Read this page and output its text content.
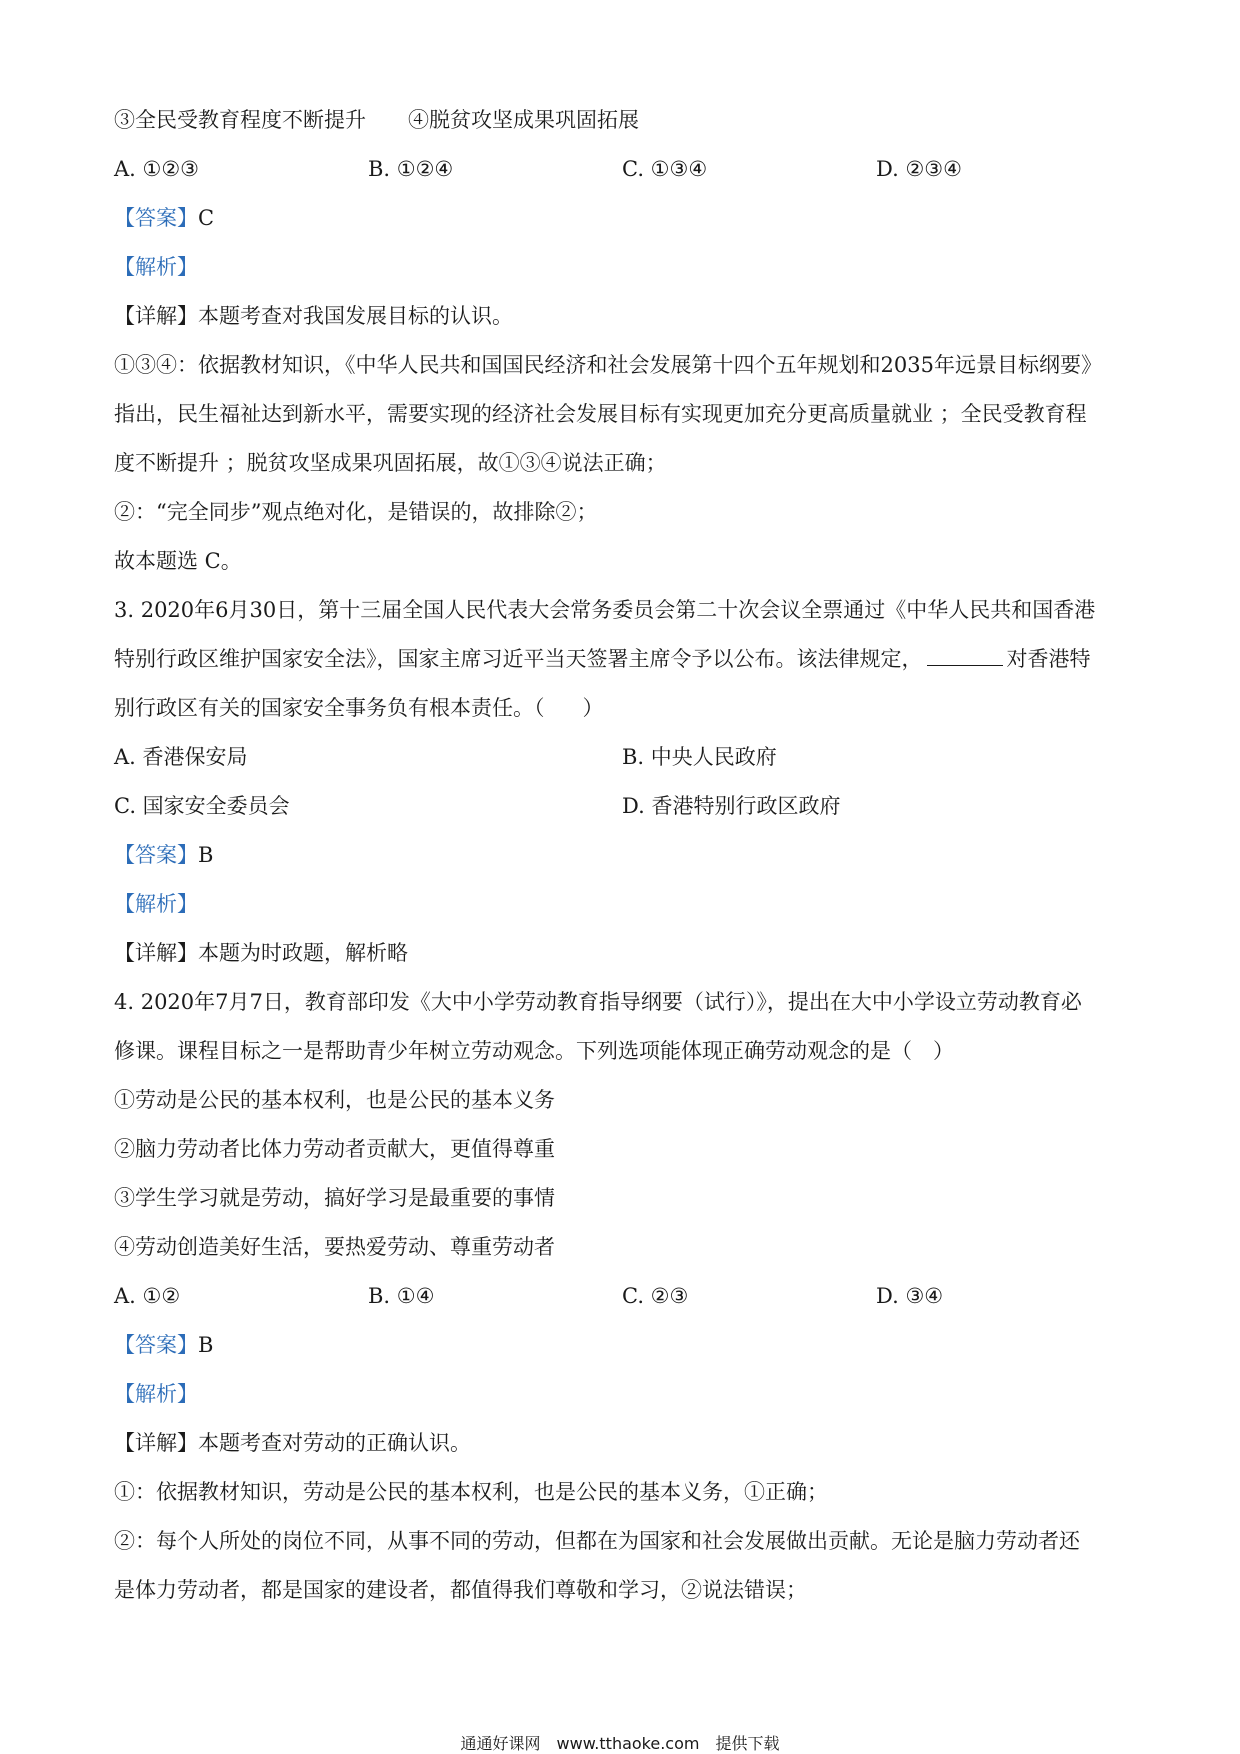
③全民受教育程度不断提升　　④脱贫攻坚成果巩固拓展
A. ①②③	B. ①②④	C. ①③④	D. ②③④
【答案】C
【解析】
【详解】本题考查对我国发展目标的认识。
①③④：依据教材知识，《中华人民共和国国民经济和社会发展第十四个五年规划和2035年远景目标纲要》
指出，民生福祉达到新水平，需要实现的经济社会发展目标有实现更加充分更高质量就业 ；全民受教育程
度不断提升 ；脱贫攻坚成果巩固拓展，故①③④说法正确；
②：“完全同步”观点绝对化，是错误的，故排除②；
故本题选 C。
3. 2020年6月30日，第十三届全国人民代表大会常务委员会第二十次会议全票通过《中华人民共和国香港
特别行政区维护国家安全法》，国家主席习近平当天签署主席令予以公布。该法律规定，	对香港特
别行政区有关的国家安全事务负有根本责任。（ ）
A. 香港保安局	B. 中央人民政府
C. 国家安全委员会	D. 香港特别行政区政府
【答案】B
【解析】
【详解】本题为时政题，解析略
4. 2020年7月7日，教育部印发《大中小学劳动教育指导纲要（试行）》，提出在大中小学设立劳动教育必
修课。课程目标之一是帮助青少年树立劳动观念。下列选项能体现正确劳动观念的是（　）
①劳动是公民的基本权利，也是公民的基本义务
②脑力劳动者比体力劳动者贡献大，更值得尊重
③学生学习就是劳动，搞好学习是最重要的事情
④劳动创造美好生活，要热爱劳动、尊重劳动者
A. ①②	B. ①④	C. ②③	D. ③④
【答案】B
【解析】
【详解】本题考查对劳动的正确认识。
①：依据教材知识，劳动是公民的基本权利，也是公民的基本义务，①正确；
②：每个人所处的岗位不同，从事不同的劳动，但都在为国家和社会发展做出贡献。无论是脑力劳动者还
是体力劳动者，都是国家的建设者，都值得我们尊敬和学习，②说法错误；
通通好课网　www.tthaoke.com　提供下载
